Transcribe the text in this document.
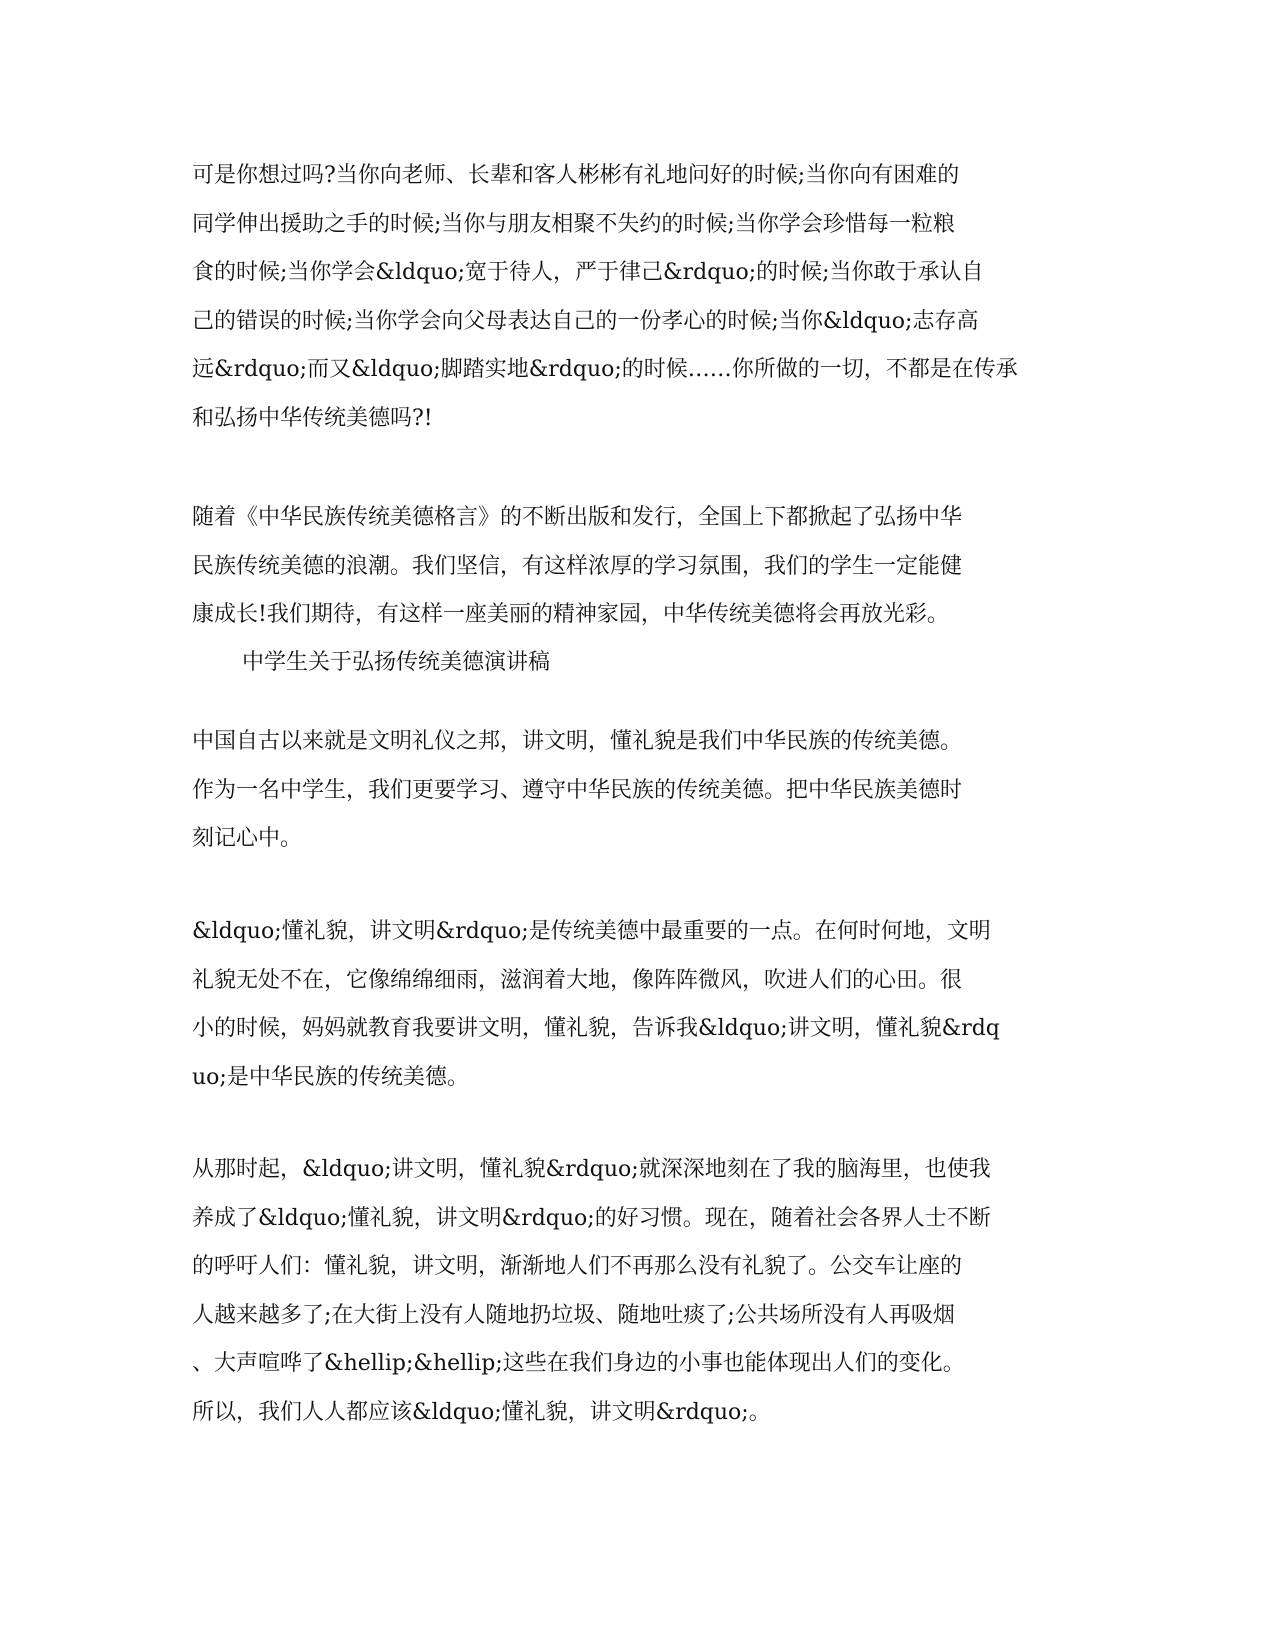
可是你想过吗?当你向老师、长辈和客人彬彬有礼地问好的时候;当你向有困难的
同学伸出援助之手的时候;当你与朋友相聚不失约的时候;当你学会珍惜每一粒粮
食的时候;当你学会&ldquo;宽于待人，严于律己&rdquo;的时候;当你敢于承认自
己的错误的时候;当你学会向父母表达自己的一份孝心的时候;当你&ldquo;志存高
远&rdquo;而又&ldquo;脚踏实地&rdquo;的时候……你所做的一切，不都是在传承
和弘扬中华传统美德吗?!

随着《中华民族传统美德格言》的不断出版和发行，全国上下都掀起了弘扬中华
民族传统美德的浪潮。我们坚信，有这样浓厚的学习氛围，我们的学生一定能健
康成长!我们期待，有这样一座美丽的精神家园，中华传统美德将会再放光彩。

中学生关于弘扬传统美德演讲稿

中国自古以来就是文明礼仪之邦，讲文明，懂礼貌是我们中华民族的传统美德。
作为一名中学生，我们更要学习、遵守中华民族的传统美德。把中华民族美德时
刻记心中。

&ldquo;懂礼貌，讲文明&rdquo;是传统美德中最重要的一点。在何时何地，文明
礼貌无处不在，它像绵绵细雨，滋润着大地，像阵阵微风，吹进人们的心田。很
小的时候，妈妈就教育我要讲文明，懂礼貌，告诉我&ldquo;讲文明，懂礼貌&rdq
uo;是中华民族的传统美德。

从那时起，&ldquo;讲文明，懂礼貌&rdquo;就深深地刻在了我的脑海里，也使我
养成了&ldquo;懂礼貌，讲文明&rdquo;的好习惯。现在，随着社会各界人士不断
的呼吁人们：懂礼貌，讲文明，渐渐地人们不再那么没有礼貌了。公交车让座的
人越来越多了;在大街上没有人随地扔垃圾、随地吐痰了;公共场所没有人再吸烟
、大声喧哗了&hellip;&hellip;这些在我们身边的小事也能体现出人们的变化。
所以，我们人人都应该&ldquo;懂礼貌，讲文明&rdquo;。
